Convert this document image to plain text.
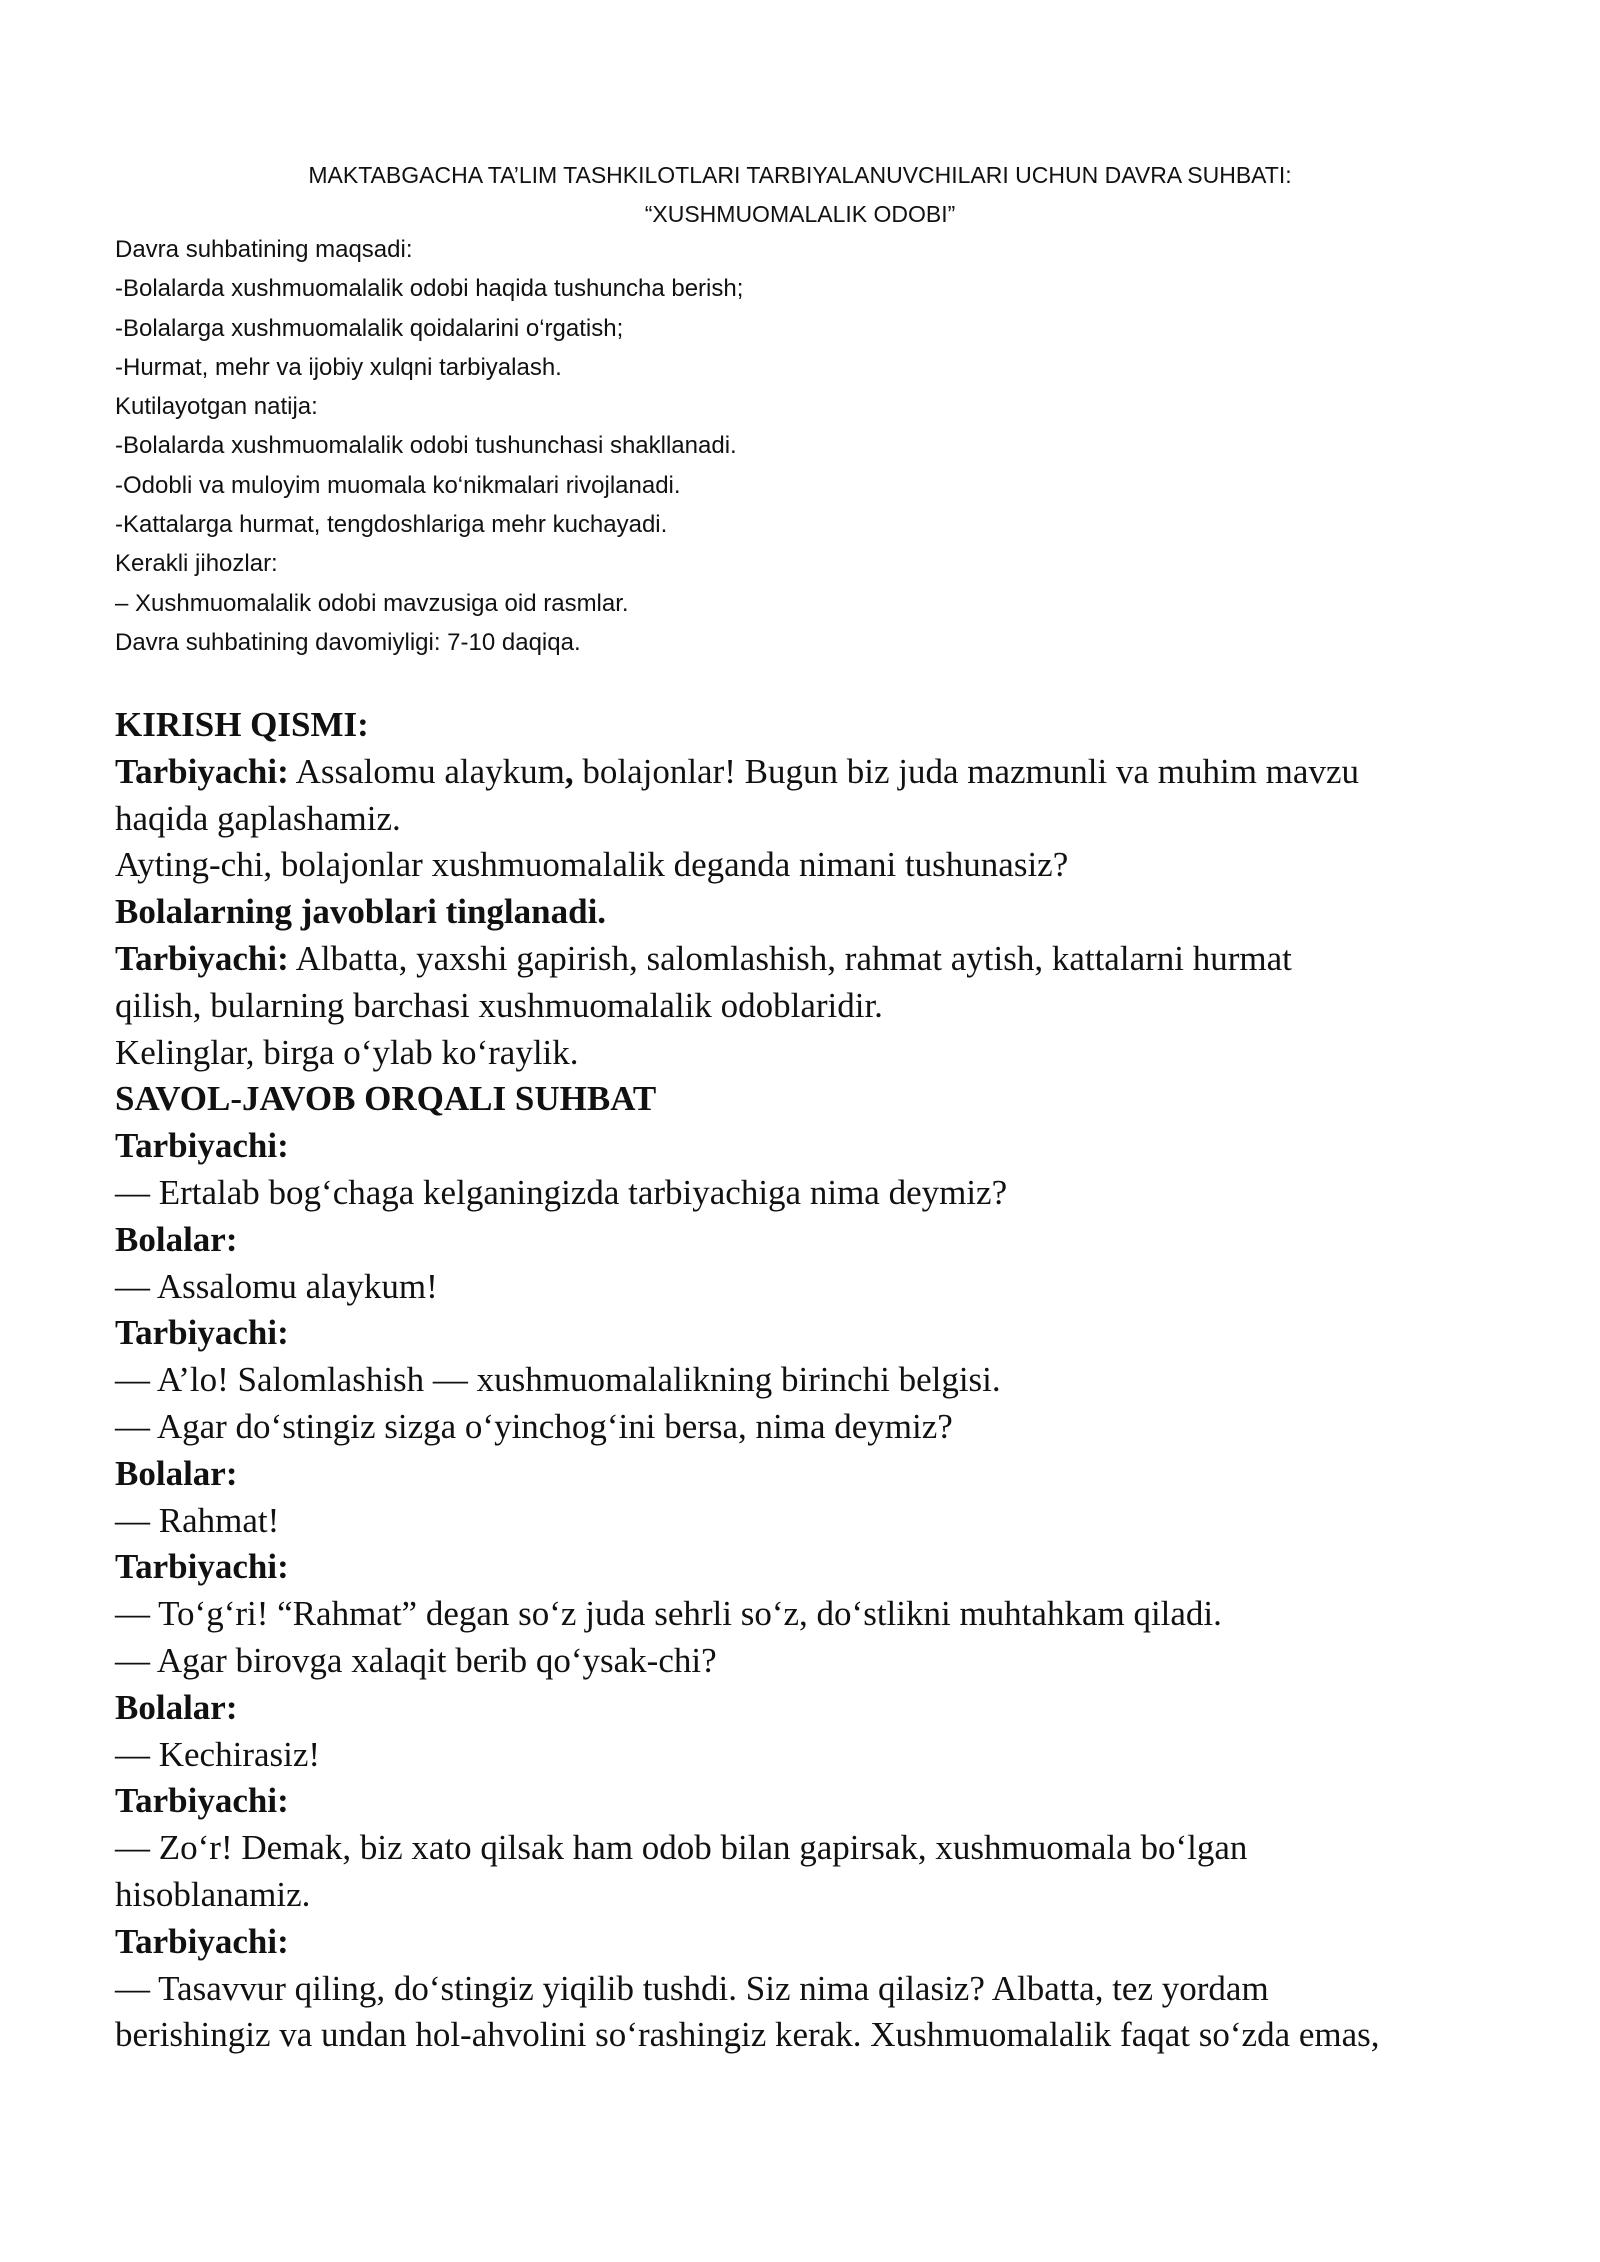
MAKTABGACHA TA’LIM TASHKILOTLARI TARBIYALANUVCHILARI UCHUN DAVRA SUHBATI:
“XUSHMUOMALALIK ODOBI”
Davra suhbatining maqsadi:
-Bolalarda xushmuomalalik odobi haqida tushuncha berish;
-Bolalarga xushmuomalalik qoidalarini o‘rgatish;
-Hurmat, mehr va ijobiy xulqni tarbiyalash.
Kutilayotgan natija:
-Bolalarda xushmuomalalik odobi tushunchasi shakllanadi.
-Odobli va muloyim muomala ko‘nikmalari rivojlanadi.
-Kattalarga hurmat, tengdoshlariga mehr kuchayadi.
Kerakli jihozlar:
– Xushmuomalalik odobi mavzusiga oid rasmlar.
Davra suhbatining davomiyligi: 7-10 daqiqa.
KIRISH QISMI:
Tarbiyachi: Assalomu alaykum, bolajonlar! Bugun biz juda mazmunli va muhim mavzu
haqida gaplashamiz.
Ayting-chi, bolajonlar xushmuomalalik deganda nimani tushunasiz?
Bolalarning javoblari tinglanadi.
Tarbiyachi: Albatta, yaxshi gapirish, salomlashish, rahmat aytish, kattalarni hurmat
qilish, bularning barchasi xushmuomalalik odoblaridir.
Kelinglar, birga o‘ylab ko‘raylik.
SAVOL-JAVOB ORQALI SUHBAT
Tarbiyachi:
— Ertalab bog‘chaga kelganingizda tarbiyachiga nima deymiz?
Bolalar:
— Assalomu alaykum!
Tarbiyachi:
— A’lo! Salomlashish — xushmuomalalikning birinchi belgisi.
— Agar do‘stingiz sizga o‘yinchog‘ini bersa, nima deymiz?
Bolalar:
— Rahmat!
Tarbiyachi:
— To‘g‘ri! “Rahmat” degan so‘z juda sehrli so‘z, do‘stlikni muhtahkam qiladi.
— Agar birovga xalaqit berib qo‘ysak-chi?
Bolalar:
— Kechirasiz!
Tarbiyachi:
— Zo‘r! Demak, biz xato qilsak ham odob bilan gapirsak, xushmuomala bo‘lgan
hisoblanamiz.
Tarbiyachi:
— Tasavvur qiling, do‘stingiz yiqilib tushdi. Siz nima qilasiz? Albatta, tez yordam
berishingiz va undan hol-ahvolini so‘rashingiz kerak. Xushmuomalalik faqat so‘zda emas,
